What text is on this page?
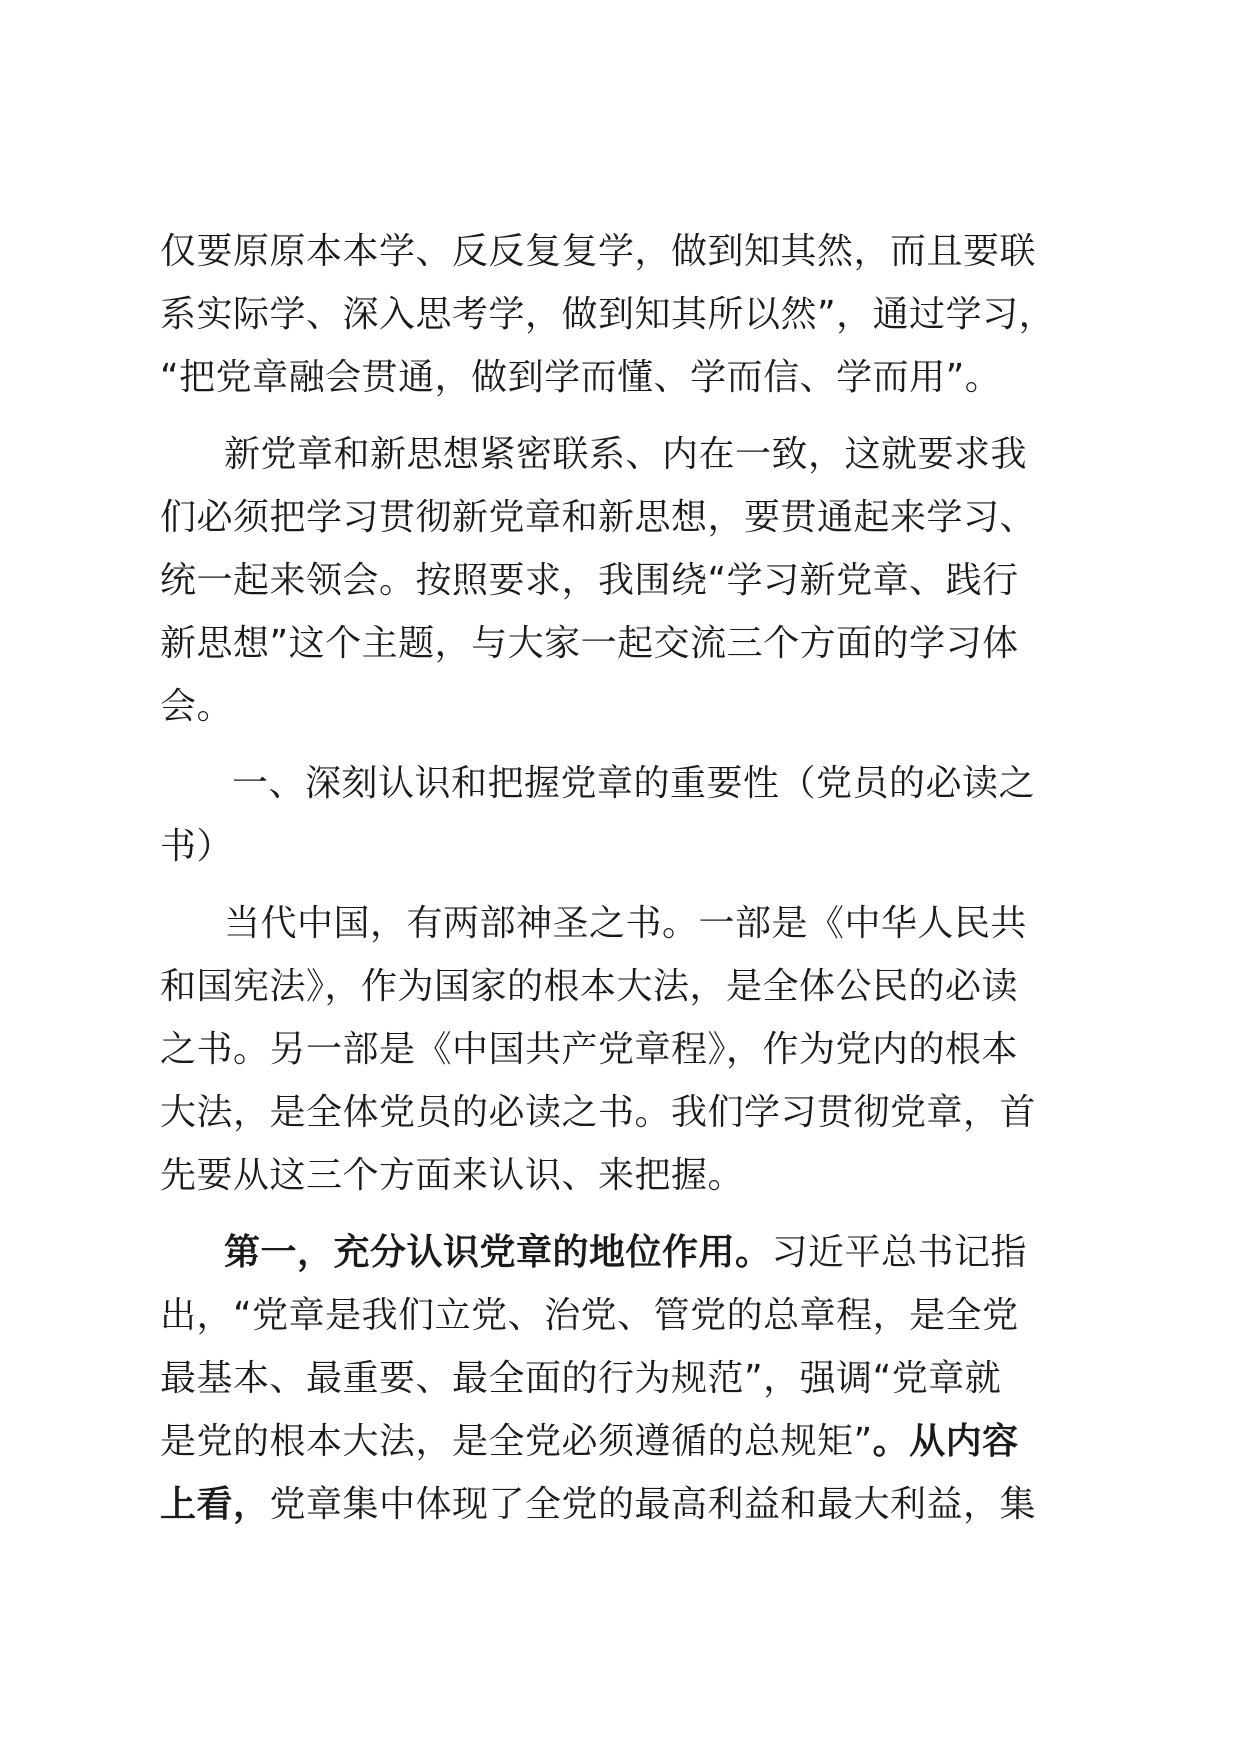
仅要原原本本学、反反复复学，做到知其然，而且要联
系实际学、深入思考学，做到知其所以然”，通过学习，
“把党章融会贯通，做到学而懂、学而信、学而用”。
新党章和新思想紧密联系、内在一致，这就要求我
们必须把学习贯彻新党章和新思想，要贯通起来学习、
统一起来领会。按照要求，我围绕“学习新党章、践行
新思想”这个主题，与大家一起交流三个方面的学习体
会。
一、深刻认识和把握党章的重要性（党员的必读之
书）
当代中国，有两部神圣之书。一部是《中华人民共
和国宪法》，作为国家的根本大法，是全体公民的必读
之书。另一部是《中国共产党章程》，作为党内的根本
大法，是全体党员的必读之书。我们学习贯彻党章，首
先要从这三个方面来认识、来把握。
第一，充分认识党章的地位作用。习近平总书记指
出，“党章是我们立党、治党、管党的总章程，是全党
最基本、最重要、最全面的行为规范”，强调“党章就
是党的根本大法，是全党必须遵循的总规矩”。从内容
上看，党章集中体现了全党的最高利益和最大利益，集
